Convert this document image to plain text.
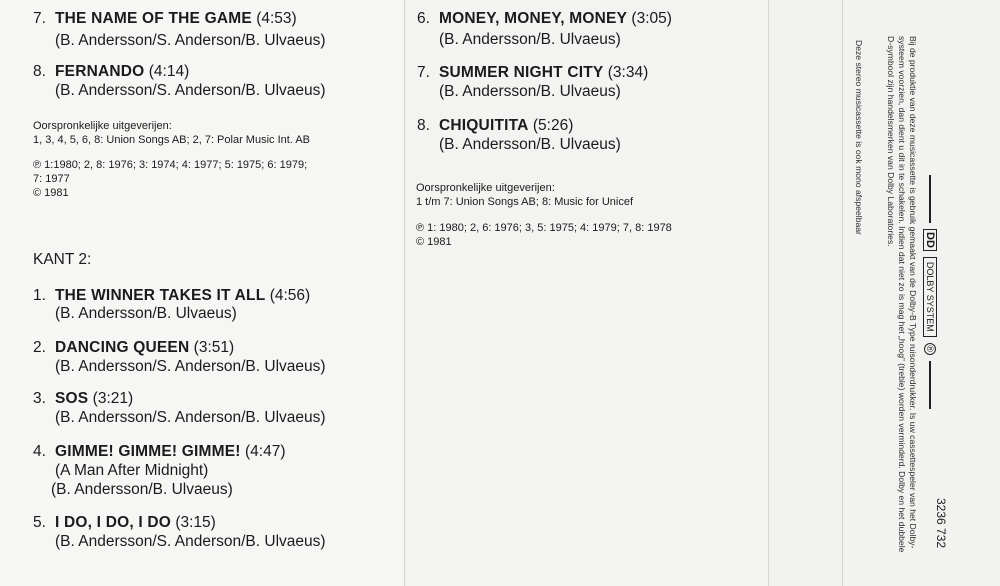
7. THE NAME OF THE GAME (4:53)
(B. Andersson/S. Anderson/B. Ulvaeus)
8. FERNANDO (4:14)
(B. Andersson/S. Anderson/B. Ulvaeus)
Oorspronkelijke uitgeverijen:
1, 3, 4, 5, 6, 8: Union Songs AB; 2, 7: Polar Music Int. AB
℗ 1:1980; 2, 8: 1976; 3: 1974; 4: 1977; 5: 1975; 6: 1979;
7: 1977
© 1981
KANT 2:
1. THE WINNER TAKES IT ALL (4:56)
(B. Andersson/B. Ulvaeus)
2. DANCING QUEEN (3:51)
(B. Andersson/S. Anderson/B. Ulvaeus)
3. SOS (3:21)
(B. Andersson/S. Anderson/B. Ulvaeus)
4. GIMME! GIMME! GIMME! (4:47)
(A Man After Midnight)
(B. Andersson/B. Ulvaeus)
5. I DO, I DO, I DO (3:15)
(B. Andersson/S. Anderson/B. Ulvaeus)
6. MONEY, MONEY, MONEY (3:05)
(B. Andersson/B. Ulvaeus)
7. SUMMER NIGHT CITY (3:34)
(B. Andersson/B. Ulvaeus)
8. CHIQUITITA (5:26)
(B. Andersson/B. Ulvaeus)
Oorspronkelijke uitgeverijen:
1 t/m 7: Union Songs AB; 8: Music for Unicef
℗ 1: 1980; 2, 6: 1976; 3, 5: 1975; 4: 1979; 7, 8: 1978
© 1981
Deze stereo musicassette is ook mono afspeelbaar	Bij de produktie van deze musicassette is gebruik gemaakt van de Dolby-B Type ruisonderdrukker. Is uw cassettespeler van het Dolby-
systeem voorzien, dan dient u dit in te schakelen. Indien dat niet zo is mag het „hoog” (treble) worden verminderd. Dolby en het dubbele
D-symbool zijn handelsmerken van Dolby Laboratories.	DD
DOLBY SYSTEM
®
3236 732
